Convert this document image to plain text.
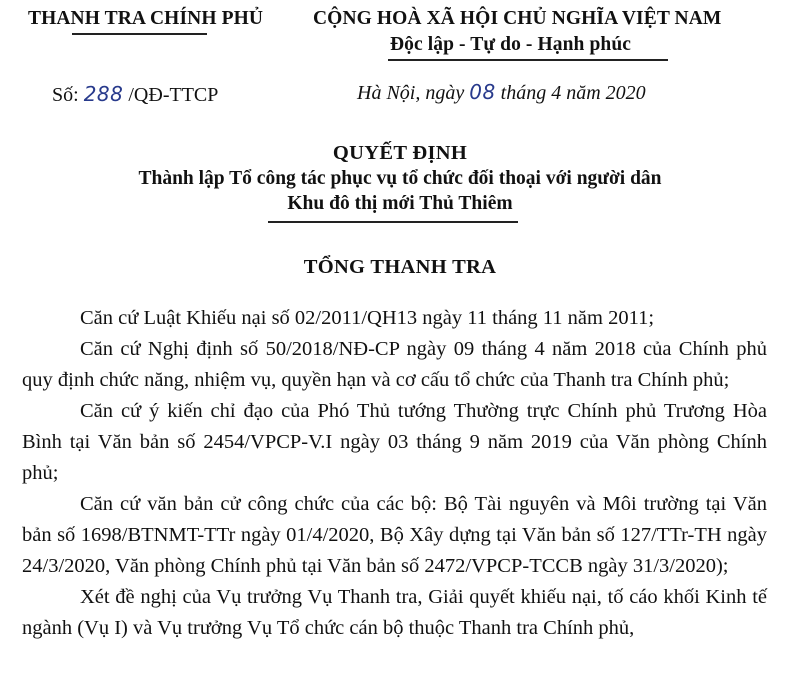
THANH TRA CHÍNH PHỦ	CỘNG HOÀ XÃ HỘI CHỦ NGHĨA VIỆT NAM
Độc lập - Tự do - Hạnh phúc
Số: 288 /QĐ-TTCP	Hà Nội, ngày 08 tháng 4 năm 2020
QUYẾT ĐỊNH
Thành lập Tổ công tác phục vụ tổ chức đối thoại với người dân
Khu đô thị mới Thủ Thiêm
TỔNG THANH TRA

Căn cứ Luật Khiếu nại số 02/2011/QH13 ngày 11 tháng 11 năm 2011;

Căn cứ Nghị định số 50/2018/NĐ-CP ngày 09 tháng 4 năm 2018 của Chính phủ quy định chức năng, nhiệm vụ, quyền hạn và cơ cấu tổ chức của Thanh tra Chính phủ;

Căn cứ ý kiến chỉ đạo của Phó Thủ tướng Thường trực Chính phủ Trương Hòa Bình tại Văn bản số 2454/VPCP-V.I ngày 03 tháng 9 năm 2019 của Văn phòng Chính phủ;

Căn cứ văn bản cử công chức của các bộ: Bộ Tài nguyên và Môi trường tại Văn bản số 1698/BTNMT-TTr ngày 01/4/2020, Bộ Xây dựng tại Văn bản số 127/TTr-TH ngày 24/3/2020, Văn phòng Chính phủ tại Văn bản số 2472/VPCP-TCCB ngày 31/3/2020);

Xét đề nghị của Vụ trưởng Vụ Thanh tra, Giải quyết khiếu nại, tố cáo khối Kinh tế ngành (Vụ I) và Vụ trưởng Vụ Tổ chức cán bộ thuộc Thanh tra Chính phủ,
